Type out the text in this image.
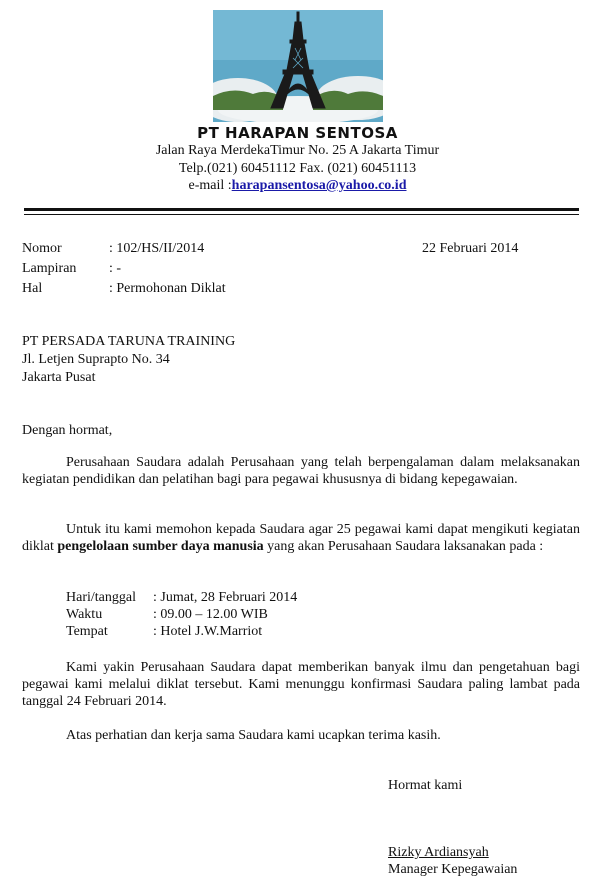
PT HARAPAN SENTOSA
Jalan Raya MerdekaTimur No. 25 A Jakarta Timur
Telp.(021) 60451112 Fax. (021) 60451113
e-mail :harapansentosa@yahoo.co.id
Nomor	: 102/HS/II/2014	22 Februari 2014
Lampiran : -
Hal	: Permohonan Diklat
PT PERSADA TARUNA TRAINING
Jl. Letjen Suprapto No. 34
Jakarta Pusat
Dengan hormat,
Perusahaan Saudara adalah Perusahaan yang telah berpengalaman dalam melaksanakan kegiatan pendidikan dan pelatihan bagi para pegawai khususnya di bidang kepegawaian.
Untuk itu kami memohon kepada Saudara agar 25 pegawai kami dapat mengikuti kegiatan diklat pengelolaan sumber daya manusia yang akan Perusahaan Saudara laksanakan pada :
Hari/tanggal : Jumat, 28 Februari 2014
Waktu	: 09.00 – 12.00 WIB
Tempat	: Hotel J.W.Marriot
Kami yakin Perusahaan Saudara dapat memberikan banyak ilmu dan pengetahuan bagi pegawai kami melalui diklat tersebut. Kami menunggu konfirmasi Saudara paling lambat pada tanggal 24 Februari 2014.
Atas perhatian dan kerja sama Saudara kami ucapkan terima kasih.
Hormat kami
Rizky Ardiansyah
Manager Kepegawaian
